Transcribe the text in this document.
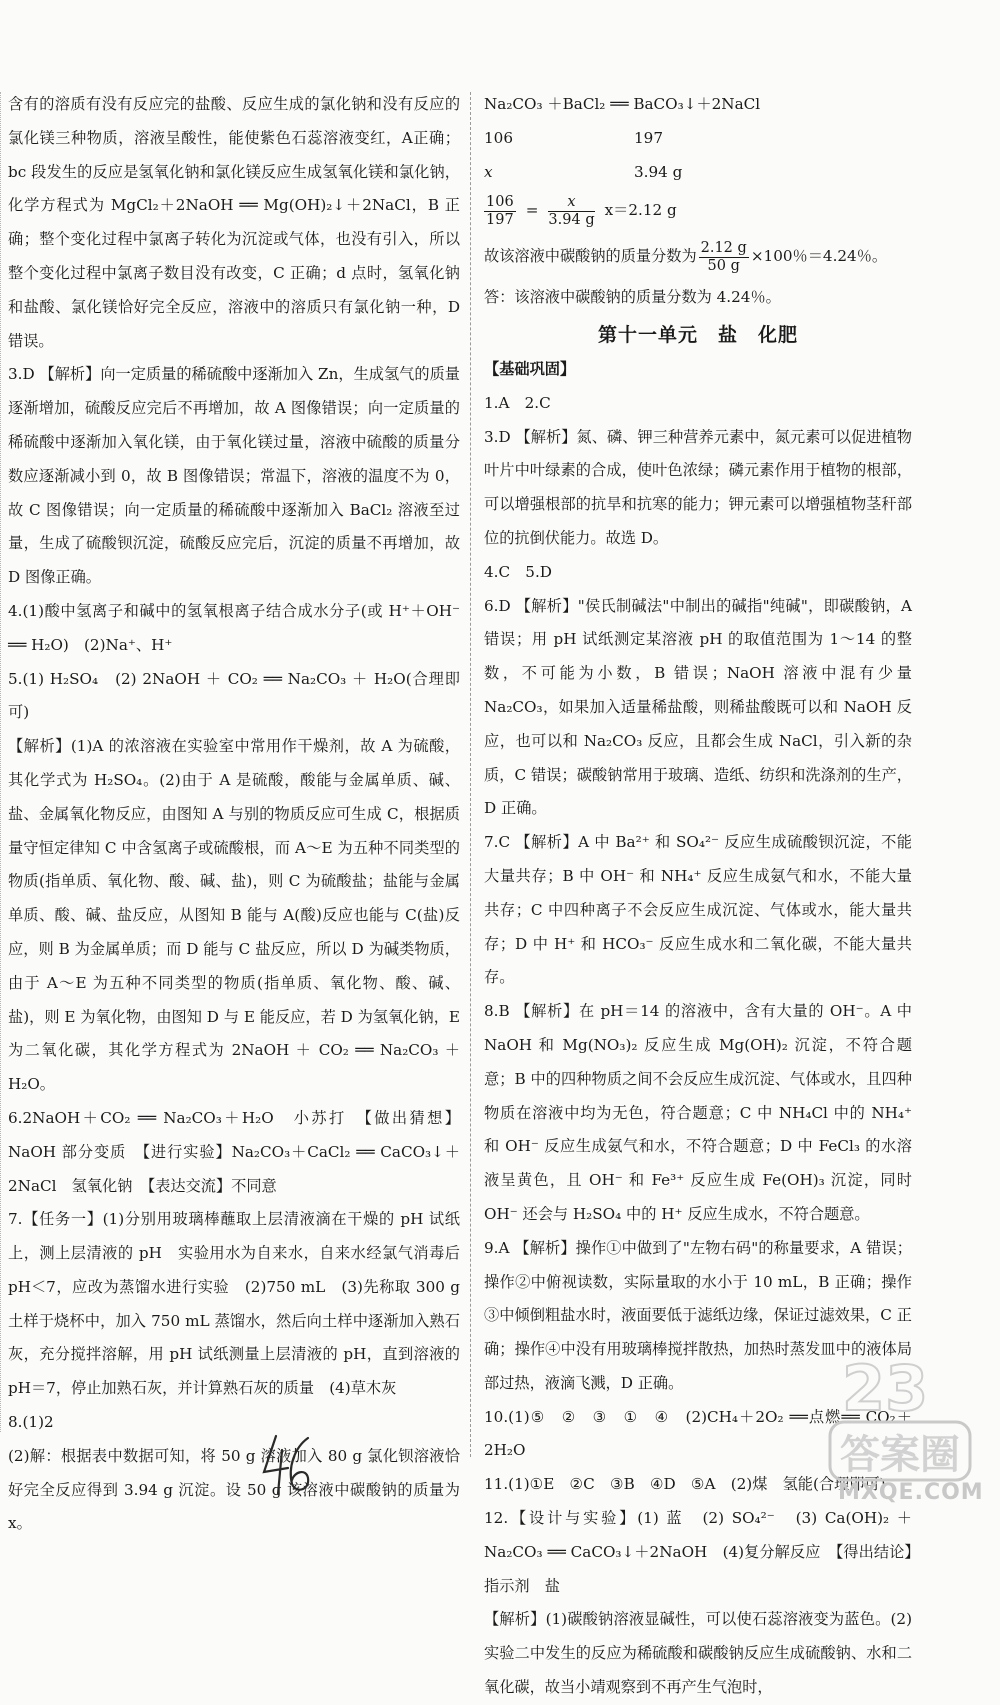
含有的溶质有没有反应完的盐酸、反应生成的氯化钠和没有反应的氯化镁三种物质，溶液呈酸性，能使紫色石蕊溶液变红，A正确；bc 段发生的反应是氢氧化钠和氯化镁反应生成氢氧化镁和氯化钠，化学方程式为 MgCl₂＋2NaOH ══ Mg(OH)₂↓＋2NaCl，B 正确；整个变化过程中氯离子转化为沉淀或气体，也没有引入，所以整个变化过程中氯离子数目没有改变，C 正确；d 点时，氢氧化钠和盐酸、氯化镁恰好完全反应，溶液中的溶质只有氯化钠一种，D 错误。

3.D 【解析】向一定质量的稀硫酸中逐渐加入 Zn，生成氢气的质量逐渐增加，硫酸反应完后不再增加，故 A 图像错误；向一定质量的稀硫酸中逐渐加入氧化镁，由于氧化镁过量，溶液中硫酸的质量分数应逐渐减小到 0，故 B 图像错误；常温下，溶液的温度不为 0，故 C 图像错误；向一定质量的稀硫酸中逐渐加入 BaCl₂ 溶液至过量，生成了硫酸钡沉淀，硫酸反应完后，沉淀的质量不再增加，故 D 图像正确。

4.(1)酸中氢离子和碱中的氢氧根离子结合成水分子(或 H⁺＋OH⁻ ══ H₂O)　(2)Na⁺、H⁺

5.(1) H₂SO₄　(2) 2NaOH ＋ CO₂ ══ Na₂CO₃ ＋ H₂O(合理即可)

【解析】(1)A 的浓溶液在实验室中常用作干燥剂，故 A 为硫酸，其化学式为 H₂SO₄。(2)由于 A 是硫酸，酸能与金属单质、碱、盐、金属氧化物反应，由图知 A 与别的物质反应可生成 C，根据质量守恒定律知 C 中含氢离子或硫酸根，而 A～E 为五种不同类型的物质(指单质、氧化物、酸、碱、盐)，则 C 为硫酸盐；盐能与金属单质、酸、碱、盐反应，从图知 B 能与 A(酸)反应也能与 C(盐)反应，则 B 为金属单质；而 D 能与 C 盐反应，所以 D 为碱类物质，由于 A～E 为五种不同类型的物质(指单质、氧化物、酸、碱、盐)，则 E 为氧化物，由图知 D 与 E 能反应，若 D 为氢氧化钠，E 为二氧化碳，其化学方程式为 2NaOH ＋ CO₂ ══ Na₂CO₃ ＋ H₂O。

6.2NaOH＋CO₂ ══ Na₂CO₃＋H₂O　小苏打　【做出猜想】NaOH 部分变质　【进行实验】Na₂CO₃＋CaCl₂ ══ CaCO₃↓＋2NaCl　氢氧化钠　【表达交流】不同意

7.【任务一】(1)分别用玻璃棒蘸取上层清液滴在干燥的 pH 试纸上，测上层清液的 pH　实验用水为自来水，自来水经氯气消毒后 pH＜7，应改为蒸馏水进行实验　(2)750 mL　(3)先称取 300 g 土样于烧杯中，加入 750 mL 蒸馏水，然后向土样中逐渐加入熟石灰，充分搅拌溶解，用 pH 试纸测量上层清液的 pH，直到溶液的 pH＝7，停止加熟石灰，并计算熟石灰的质量　(4)草木灰

8.(1)2

(2)解：根据表中数据可知，将 50 g 溶液加入 80 g 氯化钡溶液恰好完全反应得到 3.94 g 沉淀。设 50 g 该溶液中碳酸钠的质量为 x。

Na₂CO₃ ＋BaCl₂ ══ BaCO₃↓＋2NaCl

106	197
x	3.94 g
$\frac{106}{197} = \frac{x}{3.94 g} x=2.12$ g
故该溶液中碳酸钠的质量分数为 $\frac{2.12 g}{50 g} \times 100$％＝4.24％。

答：该溶液中碳酸钠的质量分数为 4.24％。

第十一单元　盐　化肥

【基础巩固】

1.A　2.C

3.D 【解析】氮、磷、钾三种营养元素中，氮元素可以促进植物叶片中叶绿素的合成，使叶色浓绿；磷元素作用于植物的根部，可以增强根部的抗旱和抗寒的能力；钾元素可以增强植物茎秆部位的抗倒伏能力。故选 D。

4.C　5.D

6.D 【解析】"侯氏制碱法"中制出的碱指"纯碱"，即碳酸钠，A 错误；用 pH 试纸测定某溶液 pH 的取值范围为 1～14 的整数，不可能为小数，B 错误；NaOH 溶液中混有少量 Na₂CO₃，如果加入适量稀盐酸，则稀盐酸既可以和 NaOH 反应，也可以和 Na₂CO₃ 反应，且都会生成 NaCl，引入新的杂质，C 错误；碳酸钠常用于玻璃、造纸、纺织和洗涤剂的生产，D 正确。

7.C 【解析】A 中 Ba²⁺ 和 SO₄²⁻ 反应生成硫酸钡沉淀，不能大量共存；B 中 OH⁻ 和 NH₄⁺ 反应生成氨气和水，不能大量共存；C 中四种离子不会反应生成沉淀、气体或水，能大量共存；D 中 H⁺ 和 HCO₃⁻ 反应生成水和二氧化碳，不能大量共存。

8.B 【解析】在 pH＝14 的溶液中，含有大量的 OH⁻。A 中 NaOH 和 Mg(NO₃)₂ 反应生成 Mg(OH)₂ 沉淀，不符合题意；B 中的四种物质之间不会反应生成沉淀、气体或水，且四种物质在溶液中均为无色，符合题意；C 中 NH₄Cl 中的 NH₄⁺ 和 OH⁻ 反应生成氨气和水，不符合题意；D 中 FeCl₃ 的水溶液呈黄色，且 OH⁻ 和 Fe³⁺ 反应生成 Fe(OH)₃ 沉淀，同时 OH⁻ 还会与 H₂SO₄ 中的 H⁺ 反应生成水，不符合题意。

9.A 【解析】操作①中做到了"左物右码"的称量要求，A 错误；操作②中俯视读数，实际量取的水小于 10 mL，B 正确；操作③中倾倒粗盐水时，液面要低于滤纸边缘，保证过滤效果，C 正确；操作④中没有用玻璃棒搅拌散热，加热时蒸发皿中的液体局部过热，液滴飞溅，D 正确。

10.(1)⑤　②　③　①　④　(2)CH₄＋2O₂ ══点燃══ CO₂＋2H₂O

11.(1)①E　②C　③B　④D　⑤A　(2)煤　氢能(合理即可)

12.【设计与实验】(1) 蓝　(2) SO₄²⁻　(3) Ca(OH)₂ ＋ Na₂CO₃ ══ CaCO₃↓＋2NaOH　(4)复分解反应　【得出结论】指示剂　盐

【解析】(1)碳酸钠溶液显碱性，可以使石蕊溶液变为蓝色。(2)实验二中发生的反应为稀硫酸和碳酸钠反应生成硫酸钠、水和二氧化碳，故当小靖观察到不再产生气泡时，

23
答案圈
MXQE.COM
